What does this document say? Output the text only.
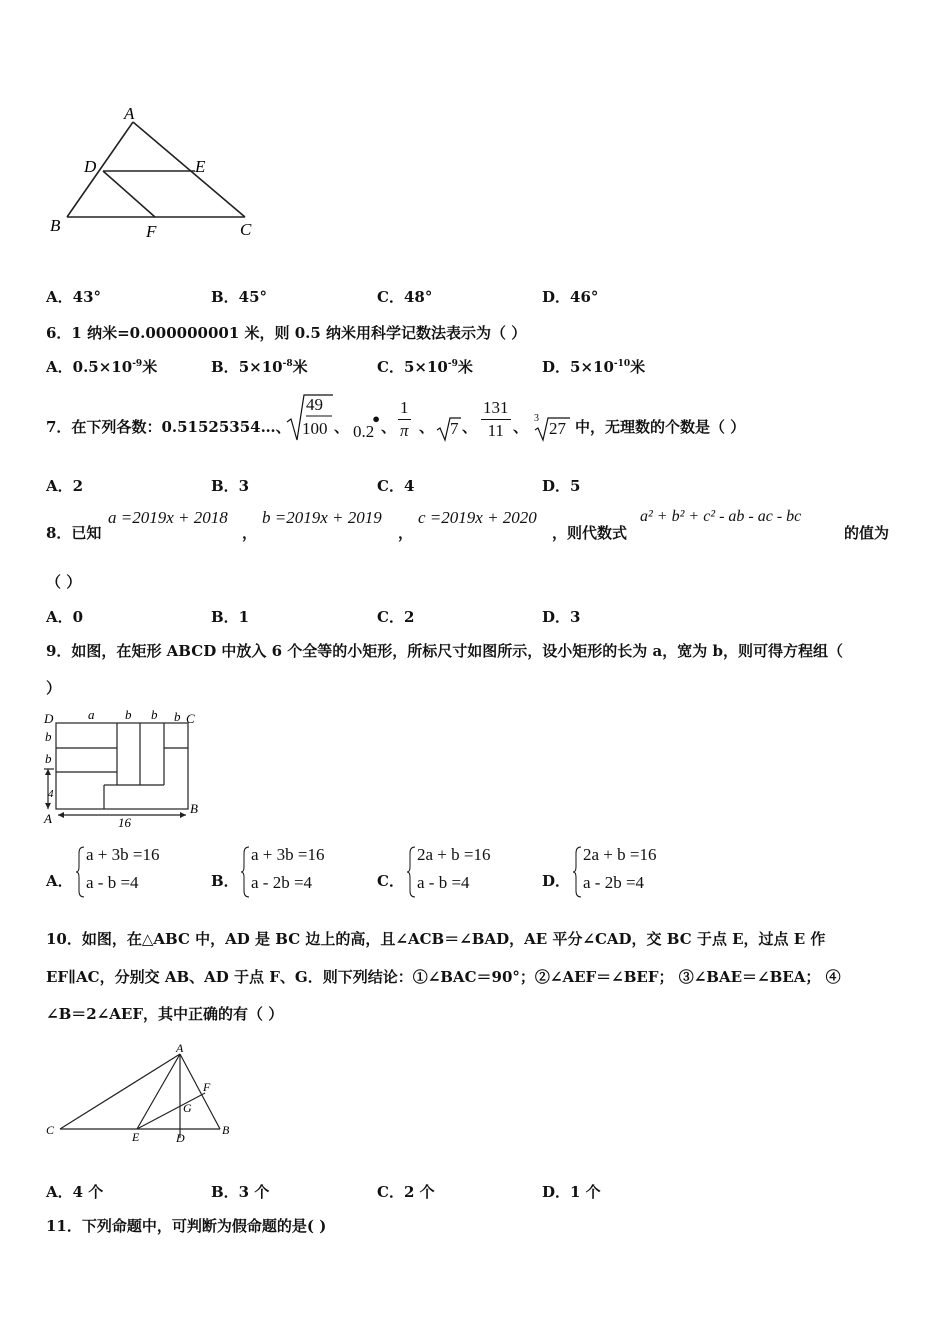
A
D	E
B	F	C
A．43°	B．45°	C．48°	D．46°
6．1 纳米=0.000000001 米，则 0.5 纳米用科学记数法表示为（ ）
A．$0.5\times 10^{-9}$米	B．$5\times 10^{-8}$米	C．$5\times 10^{-9}$米	D．$5\times 10^{-10}$米
7．在下列各数：0.51525354…、
49
100 、 •
0.2 、 $\frac{1}{\pi}$ 、 7 、 $\frac{131}{11}$ 、 3
27 中，无理数的个数是（ ）
A．2	B．3	C．4	D．5
8．已知
a =2019x + 2018
，
b =2019x + 2019
，
c =2019x + 2020
，则代数式
a² + b² + c² - ab - ac - bc
的值为
（ ）
A．0	B．1	C．2	D．3
9．如图，在矩形 ABCD 中放入 6 个全等的小矩形，所标尺寸如图所示，设小矩形的长为 a，宽为 b，则可得方程组（
）
D	a b b b C
b
b
4
A
B
16
A．
a + 3b =16
a - b =4	B．
a + 3b =16
a - 2b =4	C．
2a + b =16
a - b =4	D．
2a + b =16
a - 2b =4
10．如图，在△ABC 中，AD 是 BC 边上的高，且∠ACB＝∠BAD，AE 平分∠CAD，交 BC 于点 E，过点 E 作
EF∥AC，分别交 AB、AD 于点 F、G．则下列结论：①∠BAC＝90°；②∠AEF＝∠BEF； ③∠BAE＝∠BEA； ④
∠B＝2∠AEF，其中正确的有（ ）
A
F
G
C	E	D
B
A．4 个	B．3 个	C．2 个	D．1 个
11．下列命题中，可判断为假命题的是( )
